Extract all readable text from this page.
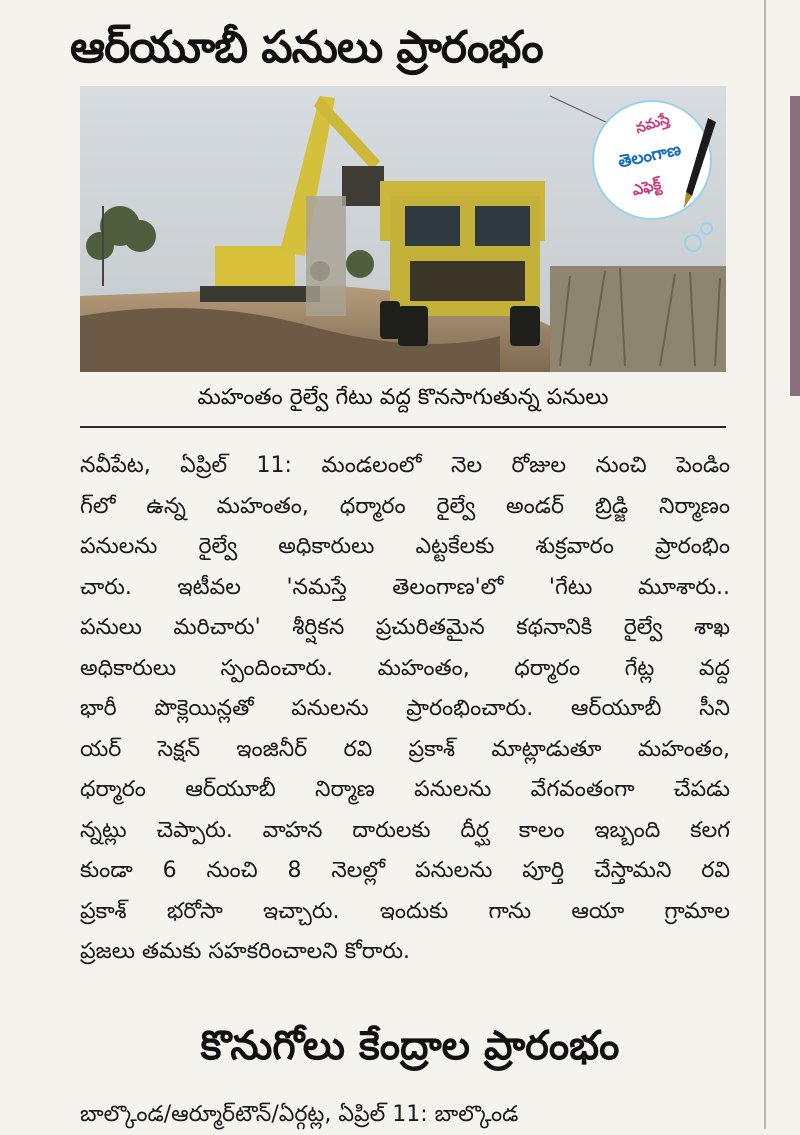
ఆర్‌యూబీ పనులు ప్రారంభం
నమస్తే
తెలంగాణ
ఎఫెక్ట్
మహంతం రైల్వే గేటు వద్ద కొనసాగుతున్న పనులు
నవీపేట, ఏప్రిల్ 11: మండలంలో నెల రోజుల నుంచి పెండిం
గ్‌లో ఉన్న మహంతం, ధర్మారం రైల్వే అండర్ బ్రిడ్జి నిర్మాణం
పనులను రైల్వే అధికారులు ఎట్టకేలకు శుక్రవారం ప్రారంభిం
చారు. ఇటీవల 'నమస్తే తెలంగాణ'లో 'గేటు మూశారు..
పనులు మరిచారు' శీర్షికన ప్రచురితమైన కథనానికి రైల్వే శాఖ
అధికారులు స్పందించారు. మహంతం, ధర్మారం గేట్ల వద్ద
భారీ పొక్లెయిన్లతో పనులను ప్రారంభించారు. ఆర్‌యూబీ సీని
యర్ సెక్షన్ ఇంజినీర్ రవి ప్రకాశ్ మాట్లాడుతూ మహంతం,
ధర్మారం ఆర్‌యూబీ నిర్మాణ పనులను వేగవంతంగా చేపడు
న్నట్లు చెప్పారు. వాహన దారులకు దీర్ఘ కాలం ఇబ్బంది కలగ
కుండా 6 నుంచి 8 నెలల్లో పనులను పూర్తి చేస్తామని రవి
ప్రకాశ్ భరోసా ఇచ్చారు. ఇందుకు గాను ఆయా గ్రామాల
ప్రజలు తమకు సహకరించాలని కోరారు.
కొనుగోలు కేంద్రాల ప్రారంభం
బాల్కొండ/ఆర్మూర్‌టౌన్/ఏర్గట్ల, ఏప్రిల్ 11: బాల్కొండ
